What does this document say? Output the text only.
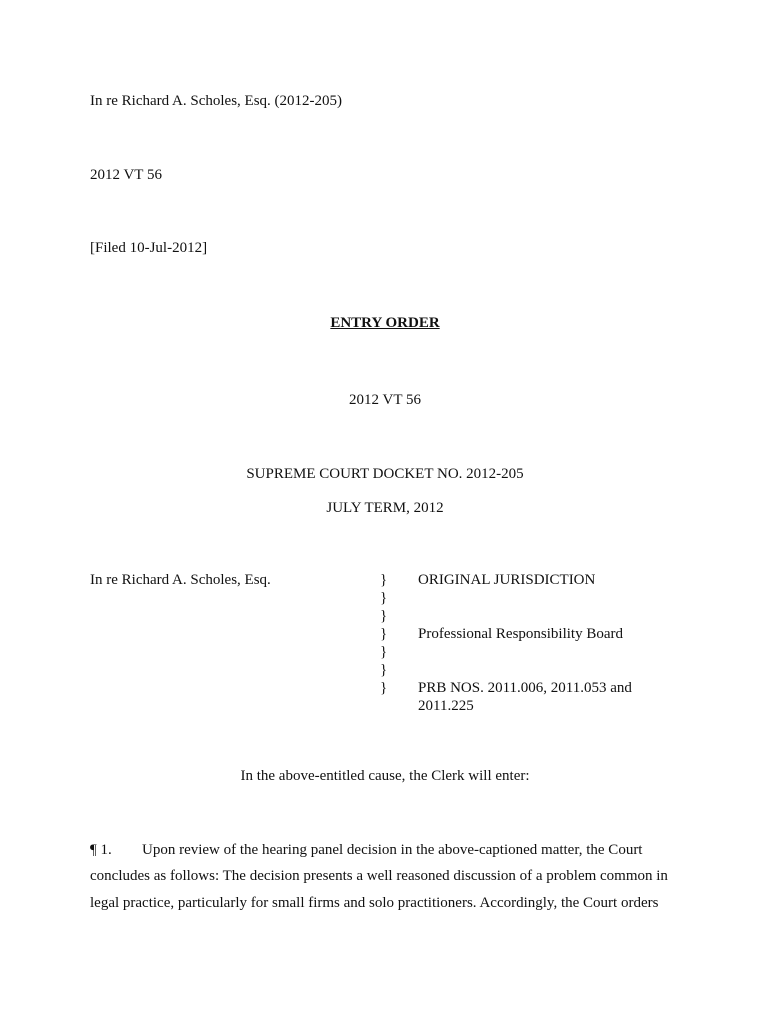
In re Richard A. Scholes, Esq. (2012-205)
2012 VT 56
[Filed 10-Jul-2012]
ENTRY ORDER
2012 VT 56
SUPREME COURT DOCKET NO. 2012-205
JULY TERM, 2012
In re Richard A. Scholes, Esq.	}
}
}
}
}
}
}
ORIGINAL JURISDICTION
Professional Responsibility Board
PRB NOS. 2011.006, 2011.053 and
2011.225
In the above-entitled cause, the Clerk will enter:
¶ 1. Upon review of the hearing panel decision in the above-captioned matter, the Court
concludes as follows: The decision presents a well reasoned discussion of a problem common in
legal practice, particularly for small firms and solo practitioners. Accordingly, the Court orders
